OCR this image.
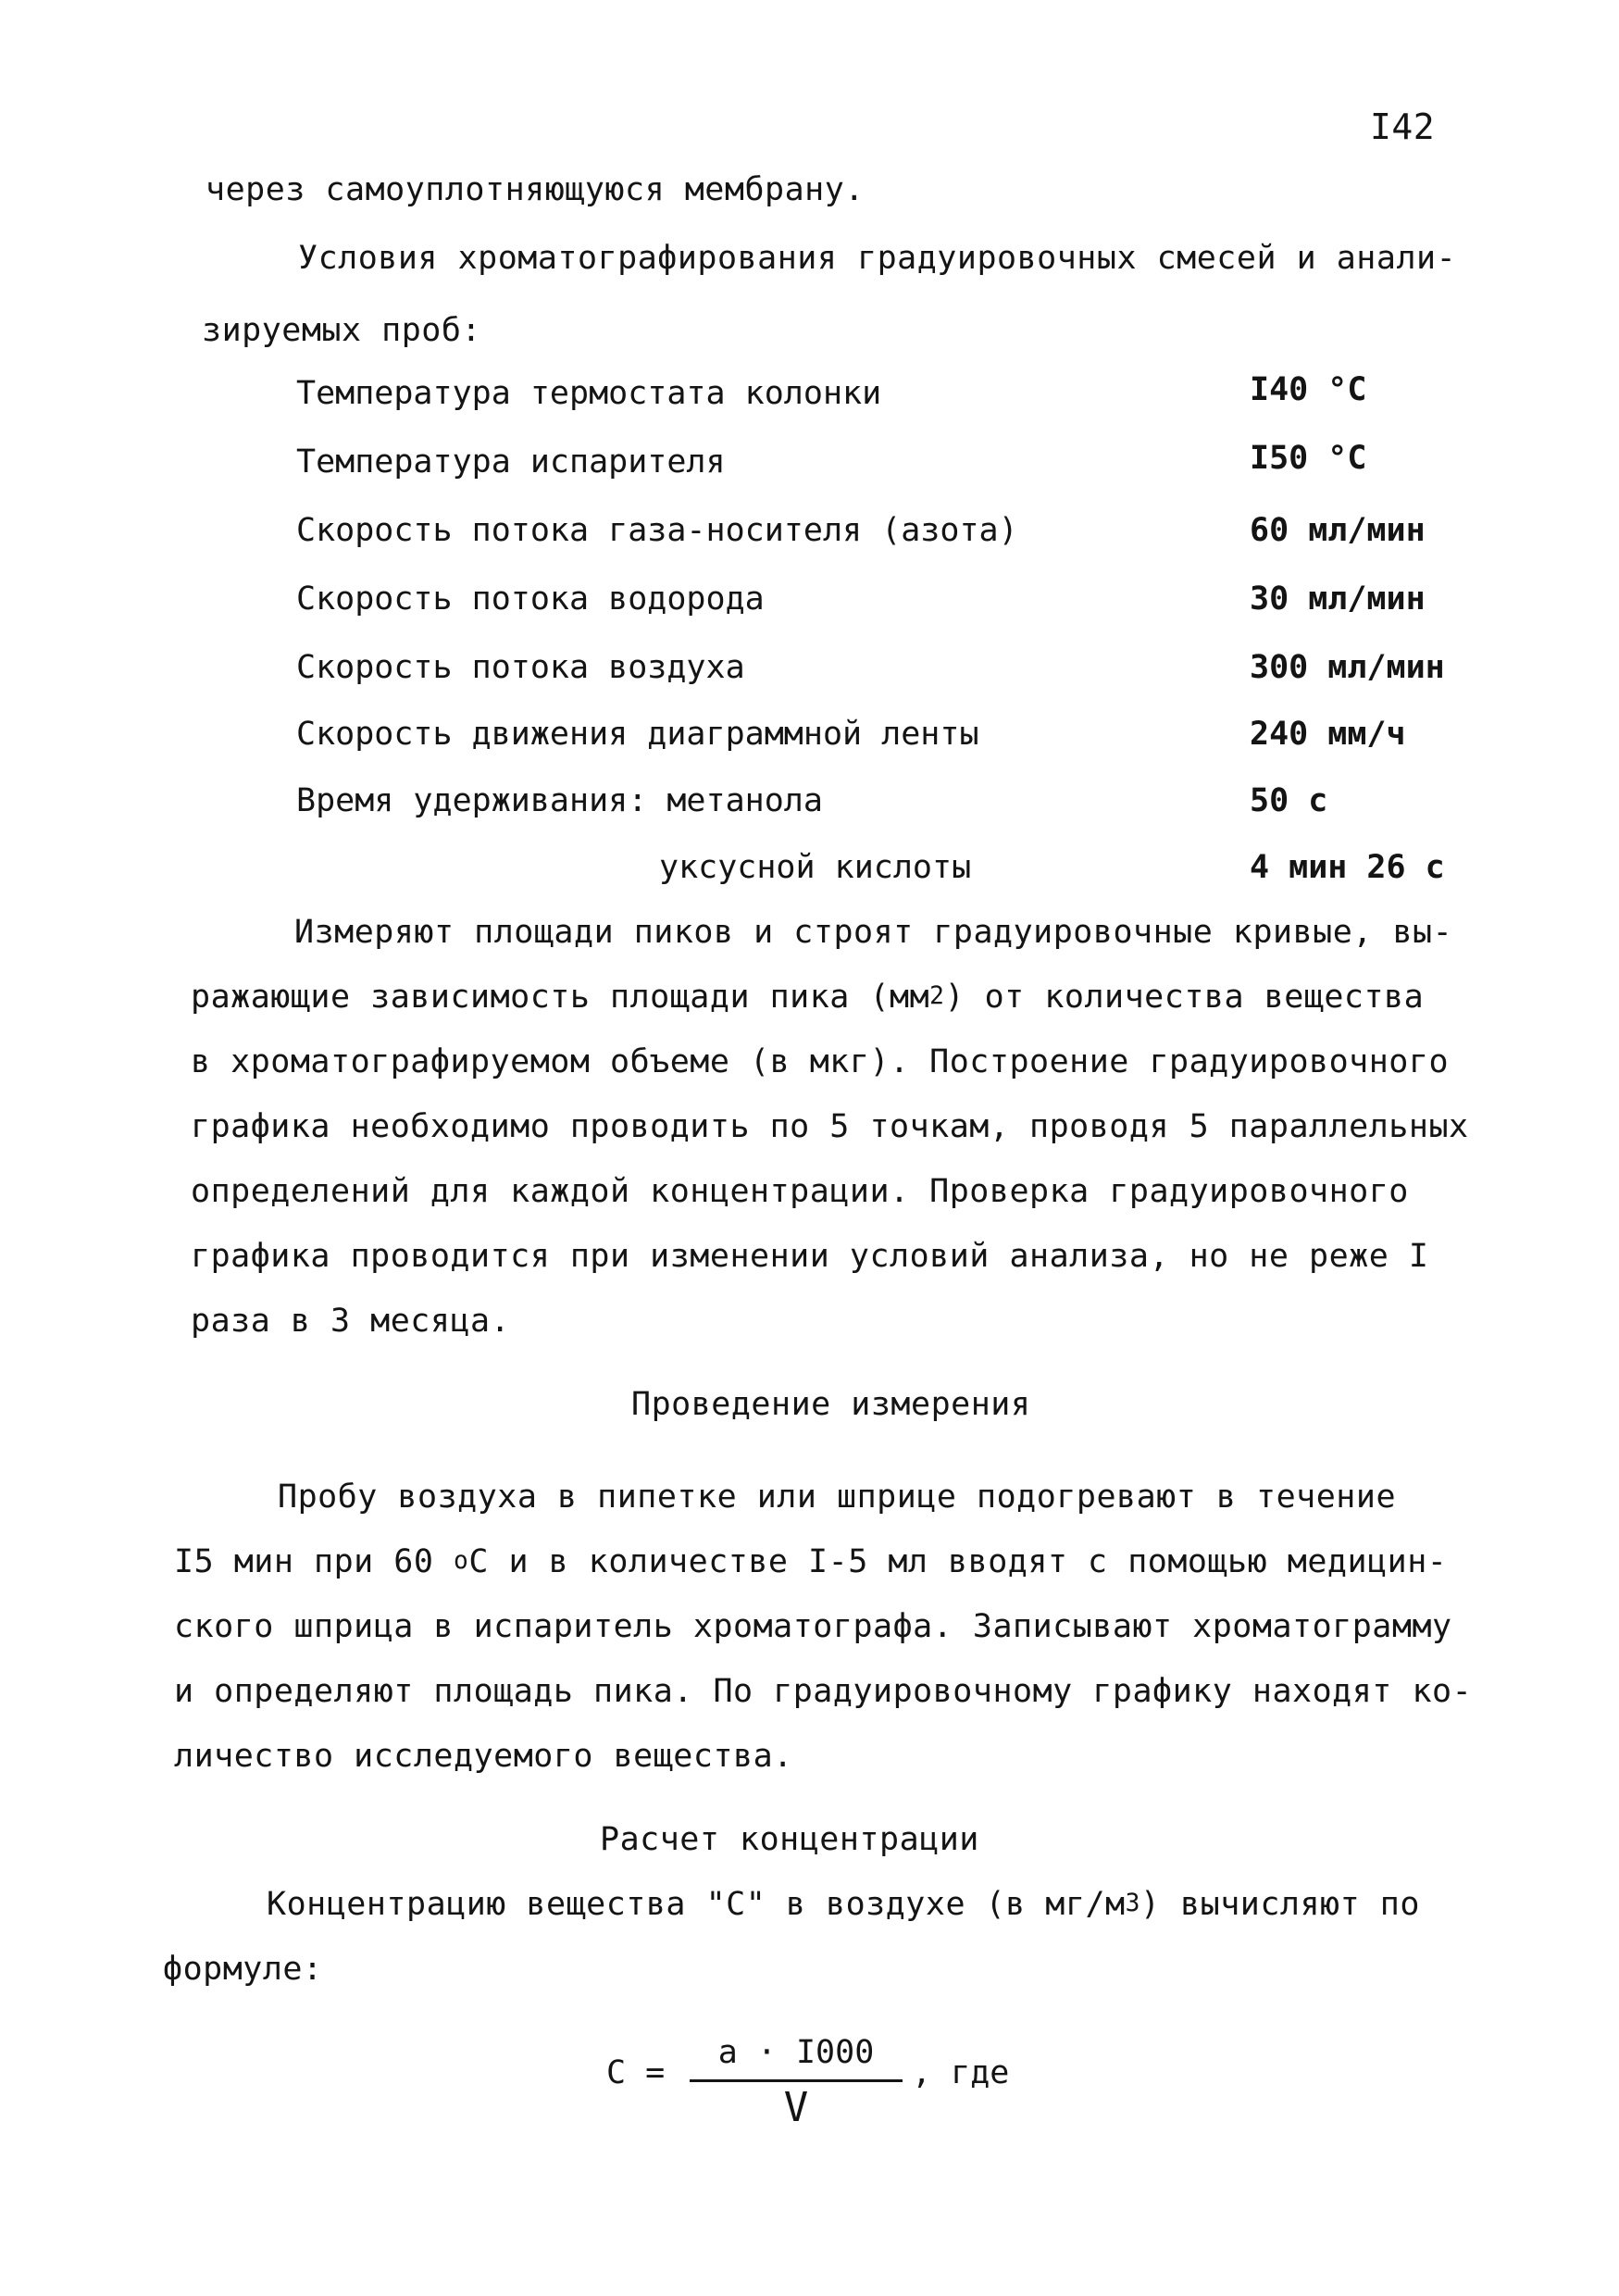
I42
через самоуплотняющуюся мембрану.
Условия хроматографирования градуировочных смесей и анали-
зируемых проб:
Температура термостата колонки	I40 °C
Температура испарителя	I50 °C
Скорость потока газа-носителя (азота)	60 мл/мин
Скорость потока водорода	30 мл/мин
Скорость потока воздуха	300 мл/мин
Скорость движения диаграммной ленты	240 мм/ч
Время удерживания: метанола	50 с
уксусной кислоты	4 мин 26 с
Измеряют площади пиков и строят градуировочные кривые, вы-
ражающие зависимость площади пика $(мм^2)$ от количества вещества
в хроматографируемом объеме (в мкг). Построение градуировочного
графика необходимо проводить по 5 точкам, проводя 5 параллельных
определений для каждой концентрации. Проверка градуировочного
графика проводится при изменении условий анализа, но не реже I
раза в 3 месяца.
Проведение измерения
Пробу воздуха в пипетке или шприце подогревают в течение
I5 мин при 60 $^о$С и в количестве I-5 мл вводят с помощью медицин-
ского шприца в испаритель хроматографа. Записывают хроматограмму
и определяют площадь пика. По градуировочному графику находят ко-
личество исследуемого вещества.
Расчет концентрации
Концентрацию вещества "С" в воздухе (в $мг/м^3$) вычисляют по
формуле:
С =
а · I000
V
, где
